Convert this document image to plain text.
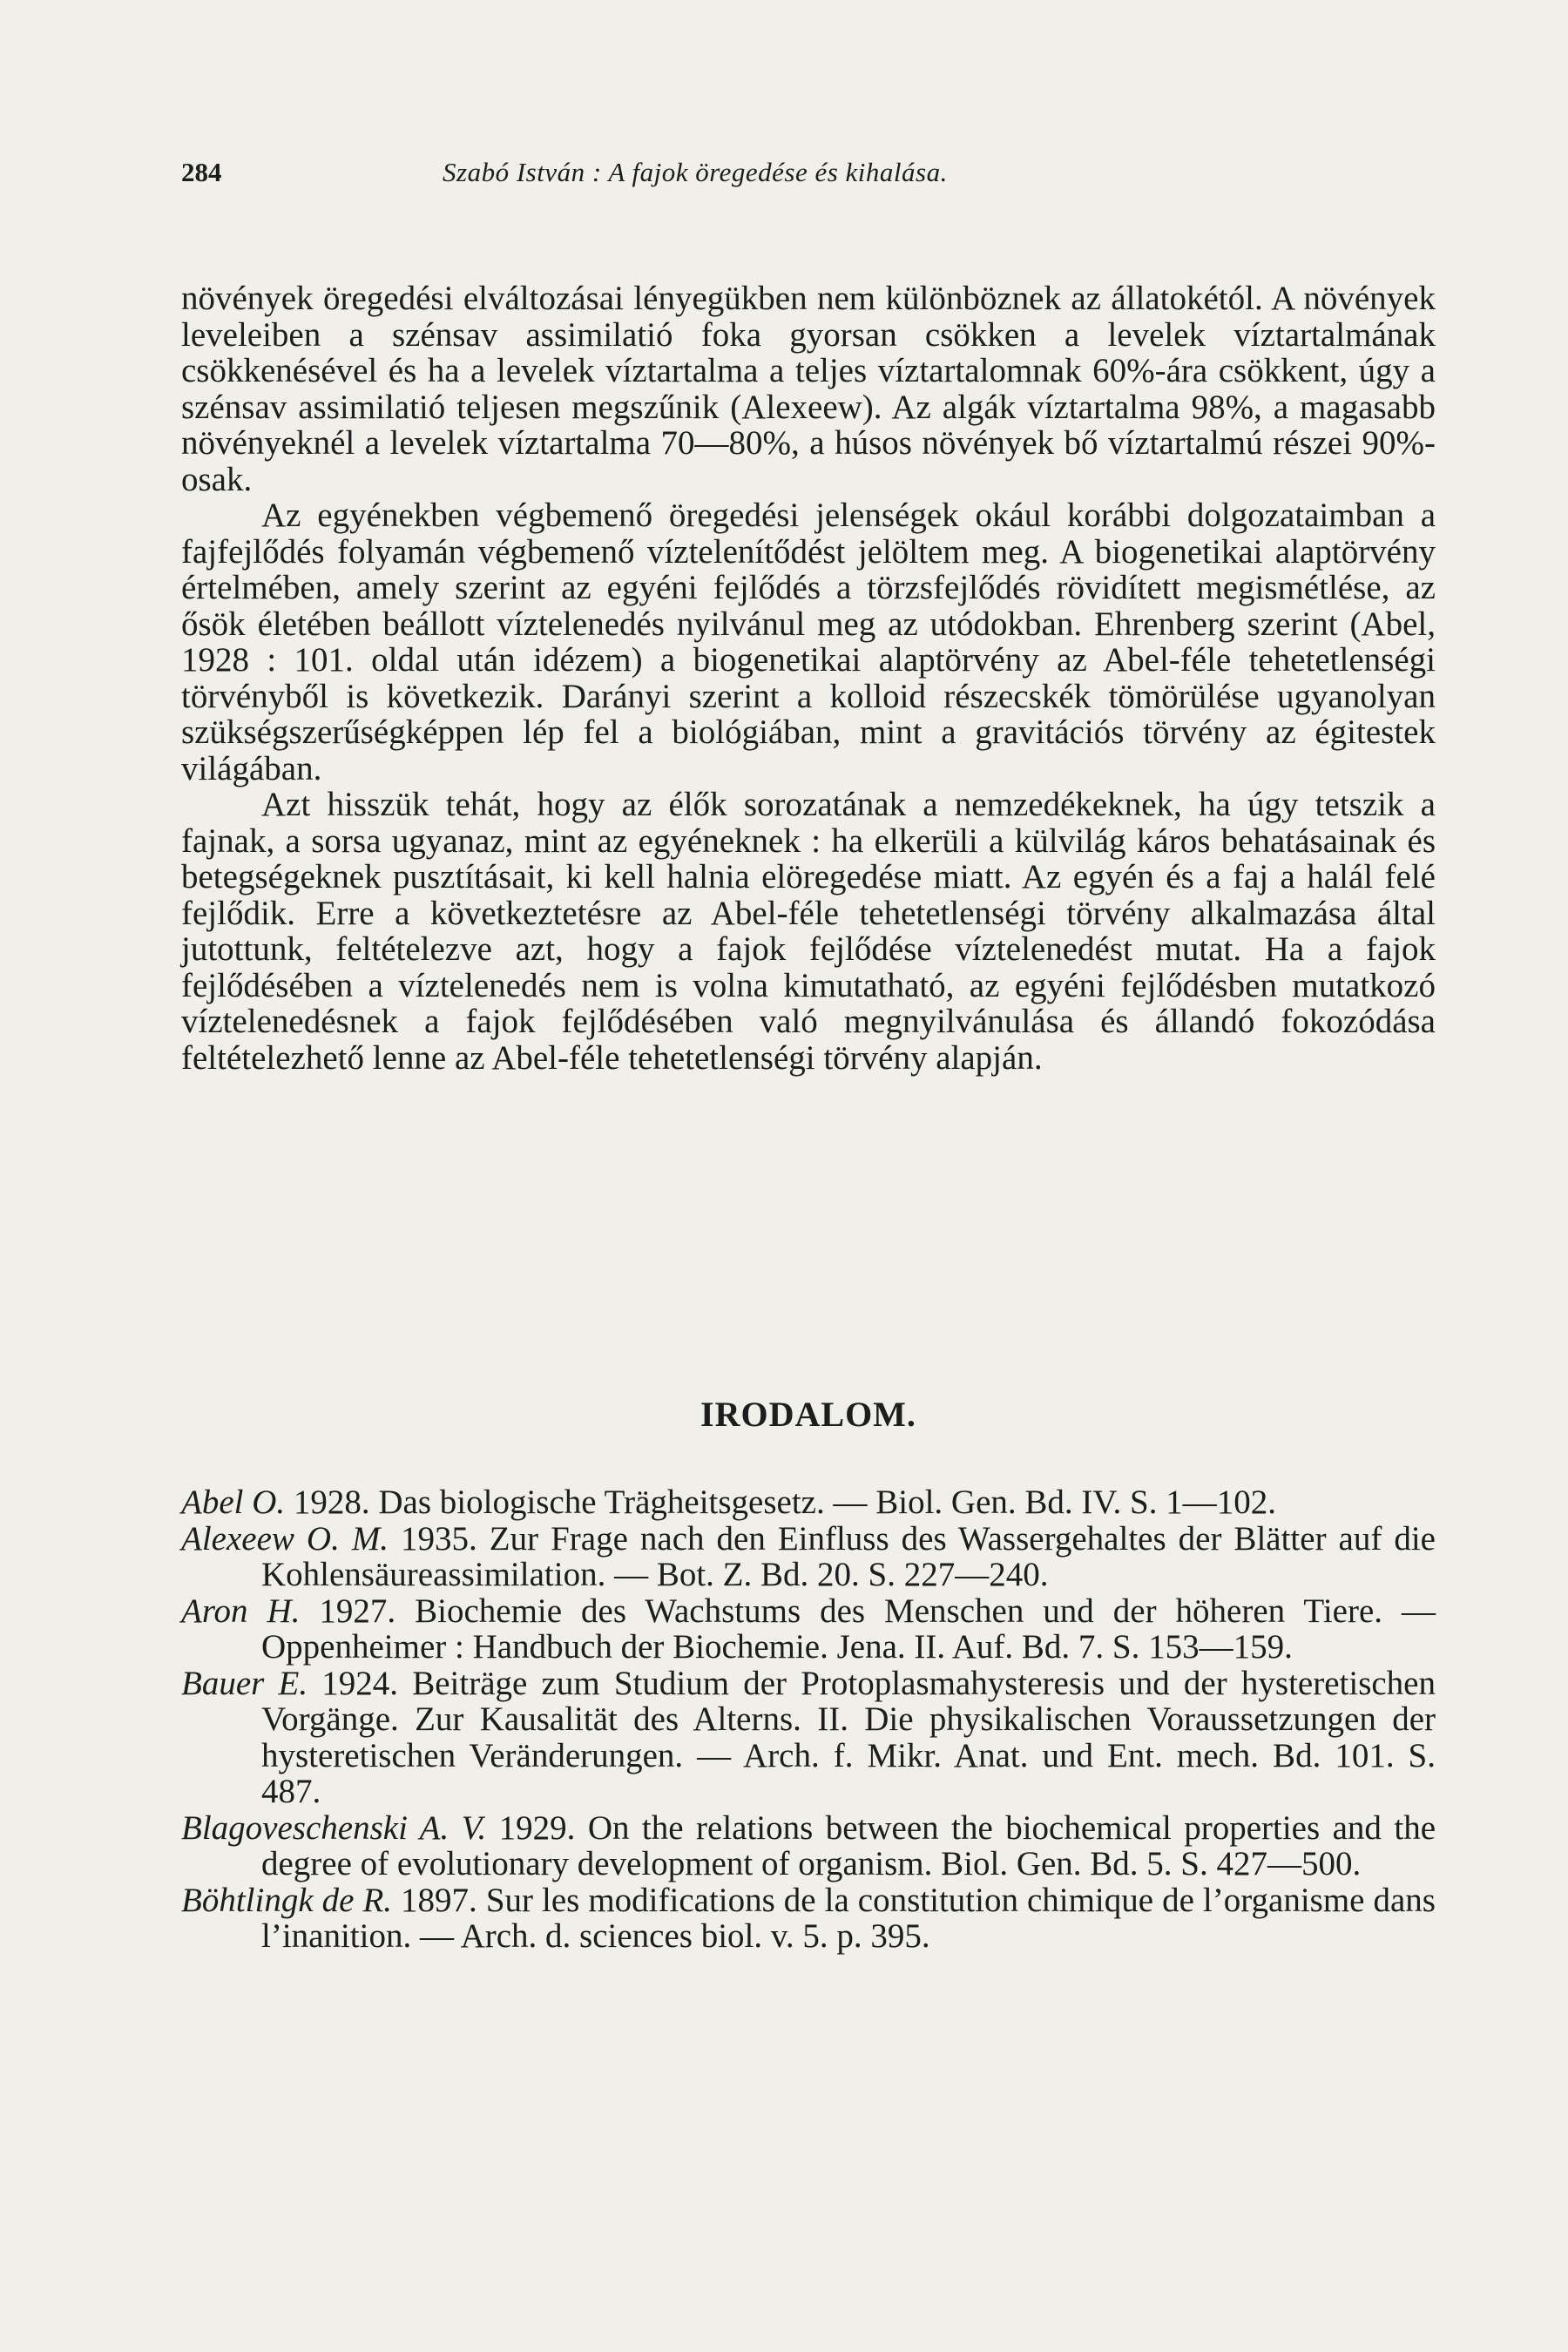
284	Szabó István : A fajok öregedése és kihalása.

növények öregedési elváltozásai lényegükben nem különböznek az állatokétól. A növények leveleiben a szénsav assimilatió foka gyorsan csökken a levelek víztartalmának csökkenésével és ha a levelek víztartalma a teljes víztartalomnak 60%-ára csökkent, úgy a szénsav assimilatió teljesen megszűnik (Alexeew). Az algák víztartalma 98%, a magasabb növényeknél a levelek víztartalma 70—80%, a húsos növények bő víztartalmú részei 90%-osak.

Az egyénekben végbemenő öregedési jelenségek okául korábbi dolgozataimban a fajfejlődés folyamán végbemenő víztelenítődést jelöltem meg. A biogenetikai alaptörvény értelmében, amely szerint az egyéni fejlődés a törzsfejlődés rövidített megismétlése, az ősök életében beállott víztelenedés nyilvánul meg az utódokban. Ehrenberg szerint (Abel, 1928 : 101. oldal után idézem) a biogenetikai alaptörvény az Abel-féle tehetetlenségi törvényből is következik. Darányi szerint a kolloid részecskék tömörülése ugyanolyan szükségszerűségképpen lép fel a biológiában, mint a gravitációs törvény az égitestek világában.

Azt hisszük tehát, hogy az élők sorozatának a nemzedékeknek, ha úgy tetszik a fajnak, a sorsa ugyanaz, mint az egyéneknek : ha elkerüli a külvilág káros behatásainak és betegségeknek pusztításait, ki kell halnia elöregedése miatt. Az egyén és a faj a halál felé fejlődik. Erre a következtetésre az Abel-féle tehetetlenségi törvény alkalmazása által jutottunk, feltételezve azt, hogy a fajok fejlődése víztelenedést mutat. Ha a fajok fejlődésében a víztelenedés nem is volna kimutatható, az egyéni fejlődésben mutatkozó víztelenedésnek a fajok fejlődésében való megnyilvánulása és állandó fokozódása feltételezhető lenne az Abel-féle tehetetlenségi törvény alapján.

IRODALOM.

Abel O. 1928. Das biologische Trägheitsgesetz. — Biol. Gen. Bd. IV. S. 1—102.

Alexeew O. M. 1935. Zur Frage nach den Einfluss des Wassergehaltes der Blätter auf die Kohlensäureassimilation. — Bot. Z. Bd. 20. S. 227—240.

Aron H. 1927. Biochemie des Wachstums des Menschen und der höheren Tiere. — Oppenheimer : Handbuch der Biochemie. Jena. II. Auf. Bd. 7. S. 153—159.

Bauer E. 1924. Beiträge zum Studium der Protoplasmahysteresis und der hysteretischen Vorgänge. Zur Kausalität des Alterns. II. Die physikalischen Voraussetzungen der hysteretischen Veränderungen. — Arch. f. Mikr. Anat. und Ent. mech. Bd. 101. S. 487.

Blagoveschenski A. V. 1929. On the relations between the biochemical properties and the degree of evolutionary development of organism. Biol. Gen. Bd. 5. S. 427—500.

Böhtlingk de R. 1897. Sur les modifications de la constitution chimique de l’organisme dans l’inanition. — Arch. d. sciences biol. v. 5. p. 395.
